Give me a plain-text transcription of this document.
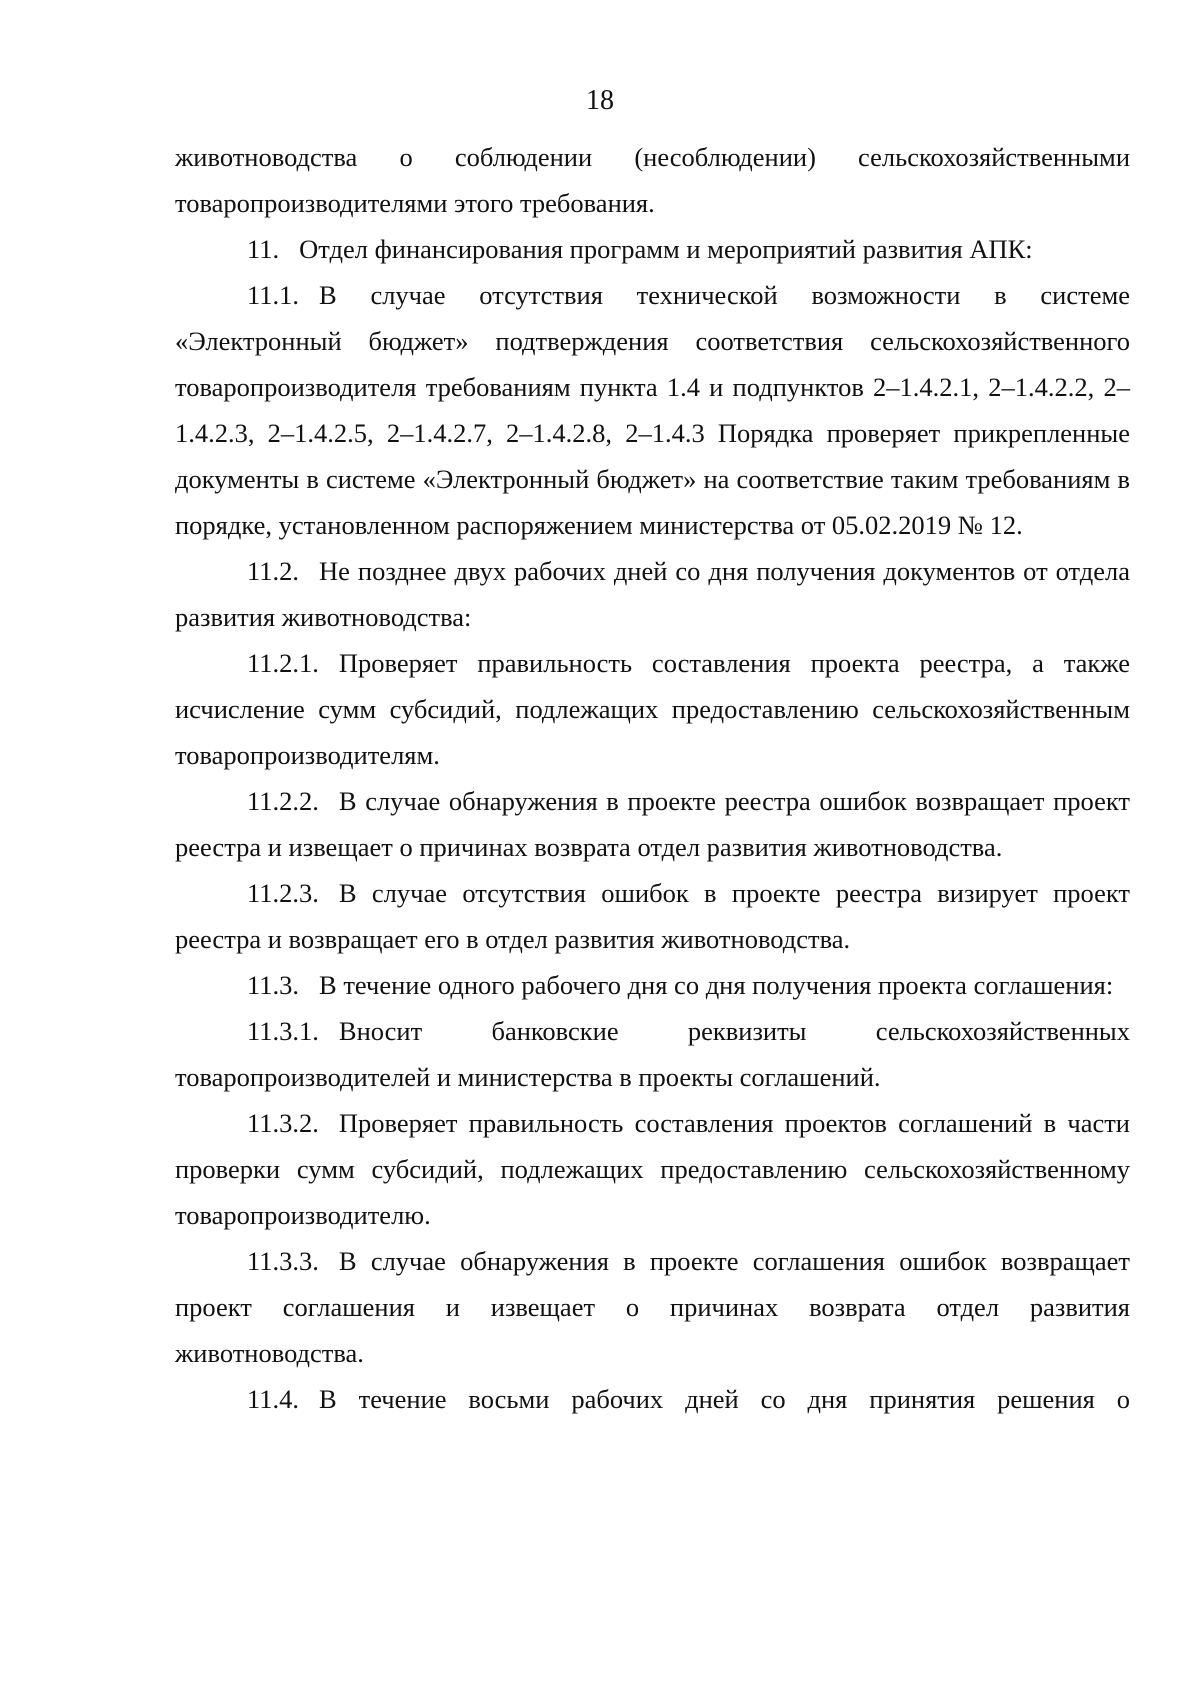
18

животноводства о соблюдении (несоблюдении) сельскохозяйственными товаропроизводителями этого требования.

11. Отдел финансирования программ и мероприятий развития АПК:

11.1. В случае отсутствия технической возможности в системе «Электронный бюджет» подтверждения соответствия сельскохозяйственного товаропроизводителя требованиям пункта 1.4 и подпунктов 2–1.4.2.1, 2–1.4.2.2, 2–1.4.2.3, 2–1.4.2.5, 2–1.4.2.7, 2–1.4.2.8, 2–1.4.3 Порядка проверяет прикрепленные документы в системе «Электронный бюджет» на соответствие таким требованиям в порядке, установленном распоряжением министерства от 05.02.2019 № 12.

11.2. Не позднее двух рабочих дней со дня получения документов от отдела развития животноводства:

11.2.1. Проверяет правильность составления проекта реестра, а также исчисление сумм субсидий, подлежащих предоставлению сельскохозяйственным товаропроизводителям.

11.2.2. В случае обнаружения в проекте реестра ошибок возвращает проект реестра и извещает о причинах возврата отдел развития животноводства.

11.2.3. В случае отсутствия ошибок в проекте реестра визирует проект реестра и возвращает его в отдел развития животноводства.

11.3. В течение одного рабочего дня со дня получения проекта соглашения:

11.3.1. Вносит банковские реквизиты сельскохозяйственных товаропроизводителей и министерства в проекты соглашений.

11.3.2. Проверяет правильность составления проектов соглашений в части проверки сумм субсидий, подлежащих предоставлению сельскохозяйственному товаропроизводителю.

11.3.3. В случае обнаружения в проекте соглашения ошибок возвращает проект соглашения и извещает о причинах возврата отдел развития животноводства.

11.4. В течение восьми рабочих дней со дня принятия решения о
